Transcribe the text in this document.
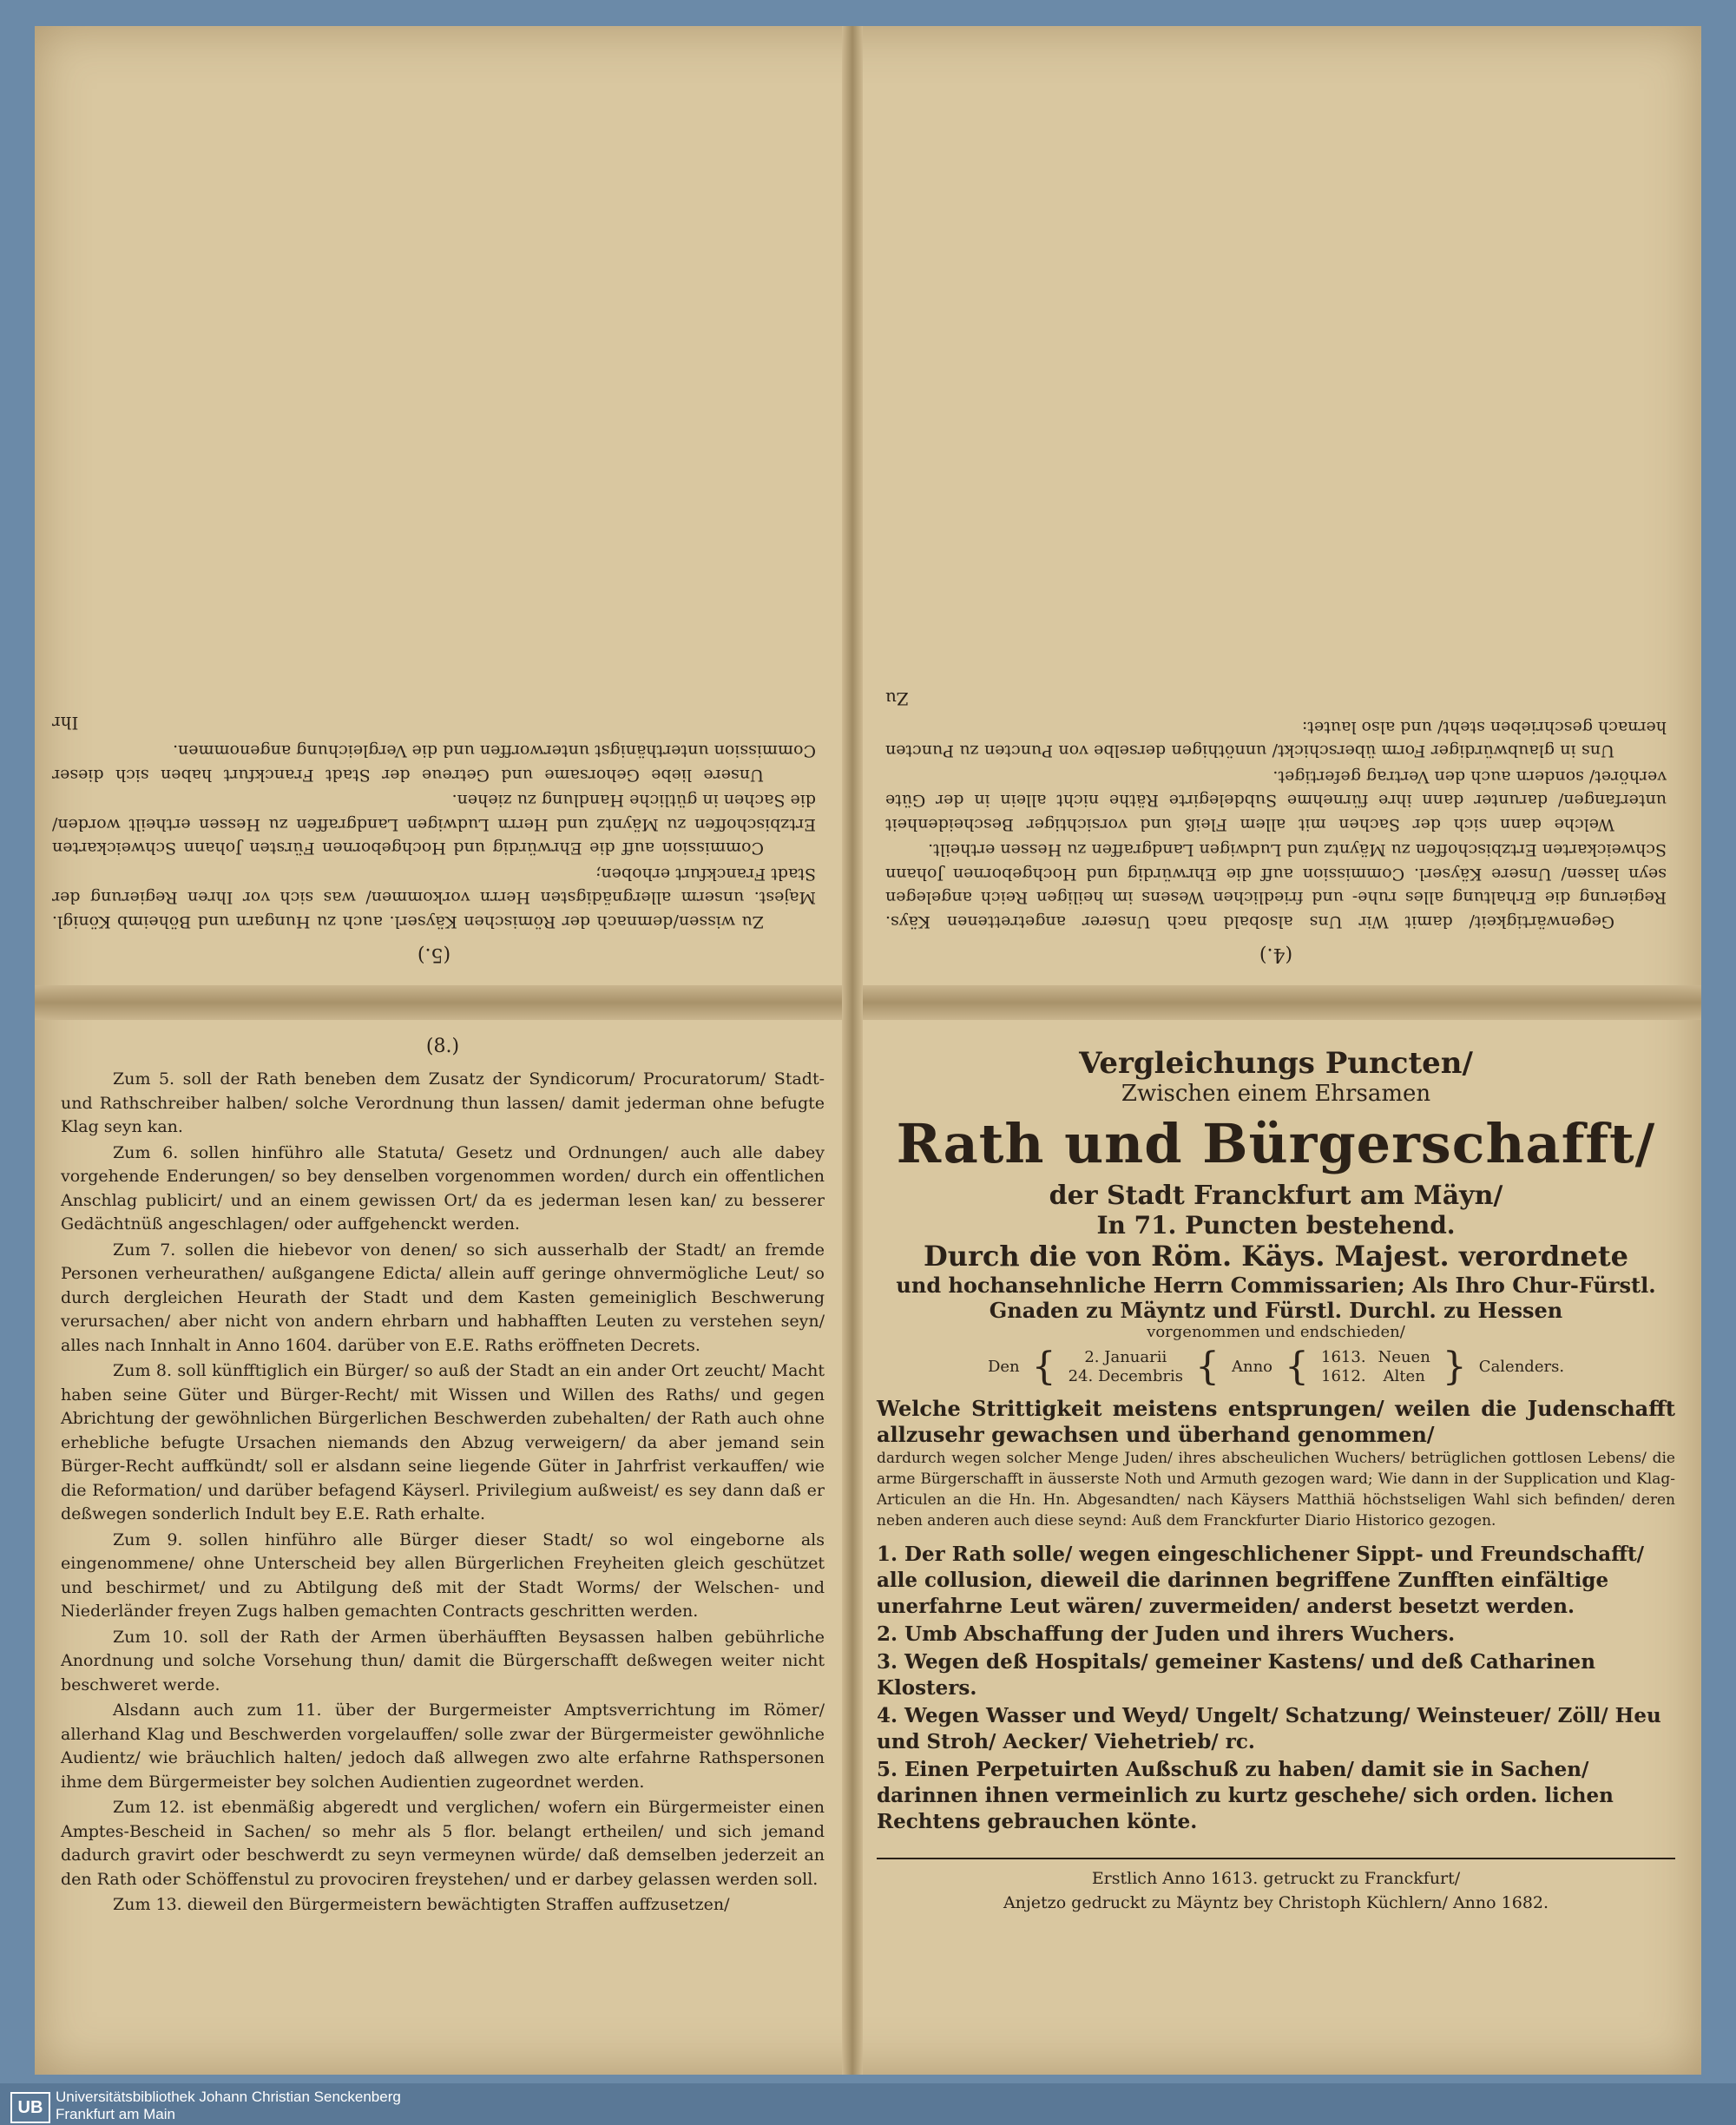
(5.)

Zu wissen/demnach der Römischen Käyserl. auch zu Hungarn und Böheimb Königl. Majest. unserm allergnädigsten Herrn vorkommen/ was sich vor Ihren Regierung der Stadt Franckfurt erhoben;

Commission auff die Ehrwürdig und Hochgebornen Fürsten Johann Schweickarten Ertzbischoffen zu Mäyntz und Herrn Ludwigen Landgraffen zu Hessen ertheilt worden/ die Sachen in gütliche Handlung zu ziehen.

Unsere liebe Gehorsame und Getreue der Stadt Franckfurt haben sich dieser Commission unterthänigst unterworffen und die Vergleichung angenommen.

Ihr
(4.)

Gegenwärtigkeit/ damit Wir Uns alsobald nach Unserer angetrettenen Käys. Regierung die Erhaltung alles ruhe- und friedlichen Wesens im heiligen Reich angelegen seyn lassen/ Unsere Käyserl. Commission auff die Ehrwürdig und Hochgebornen Johann Schweickarten Ertzbischoffen zu Mäyntz und Ludwigen Landgraffen zu Hessen ertheilt.

Welche dann sich der Sachen mit allem Fleiß und vorsichtiger Bescheidenheit unterfangen/ darunter dann ihre fürnehme Subdelegirte Räthe nicht allein in der Güte verhöret/ sondern auch den Vertrag gefertiget.

Uns in glaubwürdiger Form überschickt/ unnöthigen derselbe von Puncten zu Puncten hernach geschrieben steht/ und also lautet:

Zu
(8.)

Zum 5. soll der Rath beneben dem Zusatz der Syndicorum/ Procuratorum/ Stadt- und Rathschreiber halben/ solche Verordnung thun lassen/ damit jederman ohne befugte Klag seyn kan.

Zum 6. sollen hinführo alle Statuta/ Gesetz und Ordnungen/ auch alle dabey vorgehende Enderungen/ so bey denselben vorgenommen worden/ durch ein offentlichen Anschlag publicirt/ und an einem gewissen Ort/ da es jederman lesen kan/ zu besserer Gedächtnüß angeschlagen/ oder auffgehenckt werden.

Zum 7. sollen die hiebevor von denen/ so sich ausserhalb der Stadt/ an fremde Personen verheurathen/ außgangene Edicta/ allein auff geringe ohnvermögliche Leut/ so durch dergleichen Heurath der Stadt und dem Kasten gemeiniglich Beschwerung verursachen/ aber nicht von andern ehrbarn und habhafften Leuten zu verstehen seyn/ alles nach Innhalt in Anno 1604. darüber von E.E. Raths eröffneten Decrets.

Zum 8. soll künfftiglich ein Bürger/ so auß der Stadt an ein ander Ort zeucht/ Macht haben seine Güter und Bürger-Recht/ mit Wissen und Willen des Raths/ und gegen Abrichtung der gewöhnlichen Bürgerlichen Beschwerden zubehalten/ der Rath auch ohne erhebliche befugte Ursachen niemands den Abzug verweigern/ da aber jemand sein Bürger-Recht auffkündt/ soll er alsdann seine liegende Güter in Jahrfrist verkauffen/ wie die Reformation/ und darüber befagend Käyserl. Privilegium außweist/ es sey dann daß er deßwegen sonderlich Indult bey E.E. Rath erhalte.

Zum 9. sollen hinführo alle Bürger dieser Stadt/ so wol eingeborne als eingenommene/ ohne Unterscheid bey allen Bürgerlichen Freyheiten gleich geschützet und beschirmet/ und zu Abtilgung deß mit der Stadt Worms/ der Welschen- und Niederländer freyen Zugs halben gemachten Contracts geschritten werden.

Zum 10. soll der Rath der Armen überhäufften Beysassen halben gebührliche Anordnung und solche Vorsehung thun/ damit die Bürgerschafft deßwegen weiter nicht beschweret werde.

Alsdann auch zum 11. über der Burgermeister Amptsverrichtung im Römer/ allerhand Klag und Beschwerden vorgelauffen/ solle zwar der Bürgermeister gewöhnliche Audientz/ wie bräuchlich halten/ jedoch daß allwegen zwo alte erfahrne Rathspersonen ihme dem Bürgermeister bey solchen Audientien zugeordnet werden.

Zum 12. ist ebenmäßig abgeredt und verglichen/ wofern ein Bürgermeister einen Amptes-Bescheid in Sachen/ so mehr als 5 flor. belangt ertheilen/ und sich jemand dadurch gravirt oder beschwerdt zu seyn vermeynen würde/ daß demselben jederzeit an den Rath oder Schöffenstul zu provociren freystehen/ und er darbey gelassen werden soll.

Zum 13. dieweil den Bürgermeistern bewächtigten Straffen auffzusetzen/

Vergleichungs Puncten/
Zwischen einem Ehrsamen
Rath und Bürgerschafft/
der Stadt Franckfurt am Mäyn/
In 71. Puncten bestehend.
Durch die von Röm. Käys. Majest. verordnete
und hochansehnliche Herrn Commissarien; Als Ihro Chur-Fürstl. Gnaden zu Mäyntz und Fürstl. Durchl. zu Hessen
vorgenommen und endschieden/
Den {	2. Januarii
24. Decembris { Anno { 1613.
1612.
Neuen
Alten } Calenders.
Welche Strittigkeit meistens entsprungen/ weilen die Judenschafft allzusehr gewachsen und überhand genommen/
dardurch wegen solcher Menge Juden/ ihres abscheulichen Wuchers/ betrüglichen gottlosen Lebens/ die arme Bürgerschafft in äusserste Noth und Armuth gezogen ward; Wie dann in der Supplication und Klag-Articulen an die Hn. Hn. Abgesandten/ nach Käysers Matthiä höchstseligen Wahl sich befinden/ deren neben anderen auch diese seynd: Auß dem Franckfurter Diario Historico gezogen.
1. Der Rath solle/ wegen eingeschlichener Sippt- und Freundschafft/ alle collusion, dieweil die darinnen begriffene Zunfften einfältige unerfahrne Leut wären/ zuvermeiden/ anderst besetzt werden.
2. Umb Abschaffung der Juden und ihrers Wuchers.
3. Wegen deß Hospitals/ gemeiner Kastens/ und deß Catharinen Klosters.
4. Wegen Wasser und Weyd/ Ungelt/ Schatzung/ Weinsteuer/ Zöll/ Heu und Stroh/ Aecker/ Viehetrieb/ rc.
5. Einen Perpetuirten Außschuß zu haben/ damit sie in Sachen/ darinnen ihnen vermeinlich zu kurtz geschehe/ sich orden. lichen Rechtens gebrauchen könte.
Erstlich Anno 1613. getruckt zu Franckfurt/
Anjetzo gedruckt zu Mäyntz bey Christoph Küchlern/ Anno 1682.
UB
Universitätsbibliothek Johann Christian Senckenberg
Frankfurt am Main
